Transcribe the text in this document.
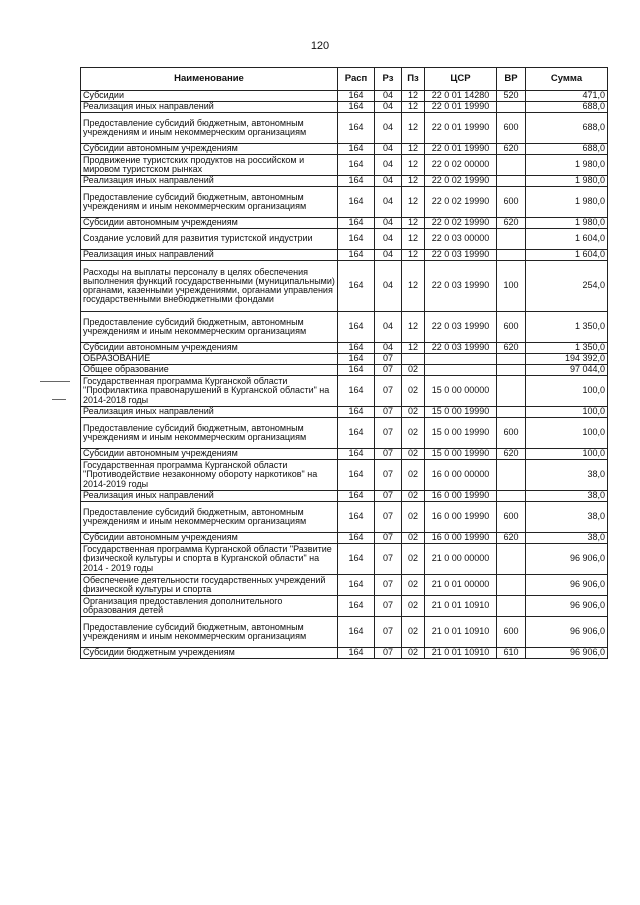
120
Наименование	Расп	Рз	Пз	ЦСР	ВР	Сумма
Субсидии	164	04	12	22 0 01 14280	520	471,0
Реализация иных направлений	164	04	12	22 0 01 19990		688,0
Предоставление субсидий бюджетным, автономным учреждениям и иным некоммерческим организациям	164	04	12	22 0 01 19990	600	688,0
Субсидии автономным учреждениям	164	04	12	22 0 01 19990	620	688,0
Продвижение туристских продуктов на российском и мировом туристском рынках	164	04	12	22 0 02 00000		1 980,0
Реализация иных направлений	164	04	12	22 0 02 19990		1 980,0
Предоставление субсидий бюджетным, автономным учреждениям и иным некоммерческим организациям	164	04	12	22 0 02 19990	600	1 980,0
Субсидии автономным учреждениям	164	04	12	22 0 02 19990	620	1 980,0
Создание условий для развития туристской индустрии	164	04	12	22 0 03 00000		1 604,0
Реализация иных направлений	164	04	12	22 0 03 19990		1 604,0
Расходы на выплаты персоналу в целях обеспечения выполнения функций государственными (муниципальными) органами, казенными учреждениями, органами управления государственными внебюджетными фондами	164	04	12	22 0 03 19990	100	254,0
Предоставление субсидий бюджетным, автономным учреждениям и иным некоммерческим организациям	164	04	12	22 0 03 19990	600	1 350,0
Субсидии автономным учреждениям	164	04	12	22 0 03 19990	620	1 350,0
ОБРАЗОВАНИЕ	164	07				194 392,0
Общее образование	164	07	02			97 044,0
Государственная программа Курганской области "Профилактика правонарушений в Курганской области" на 2014-2018 годы	164	07	02	15 0 00 00000		100,0
Реализация иных направлений	164	07	02	15 0 00 19990		100,0
Предоставление субсидий бюджетным, автономным учреждениям и иным некоммерческим организациям	164	07	02	15 0 00 19990	600	100,0
Субсидии автономным учреждениям	164	07	02	15 0 00 19990	620	100,0
Государственная программа Курганской области "Противодействие незаконному обороту наркотиков" на 2014-2019 годы	164	07	02	16 0 00 00000		38,0
Реализация иных направлений	164	07	02	16 0 00 19990		38,0
Предоставление субсидий бюджетным, автономным учреждениям и иным некоммерческим организациям	164	07	02	16 0 00 19990	600	38,0
Субсидии автономным учреждениям	164	07	02	16 0 00 19990	620	38,0
Государственная программа Курганской области "Развитие физической культуры и спорта в Курганской области" на 2014 - 2019 годы	164	07	02	21 0 00 00000		96 906,0
Обеспечение деятельности государственных учреждений физической культуры и спорта	164	07	02	21 0 01 00000		96 906,0
Организация предоставления дополнительного образования детей	164	07	02	21 0 01 10910		96 906,0
Предоставление субсидий бюджетным, автономным учреждениям и иным некоммерческим организациям	164	07	02	21 0 01 10910	600	96 906,0
Субсидии бюджетным учреждениям	164	07	02	21 0 01 10910	610	96 906,0
